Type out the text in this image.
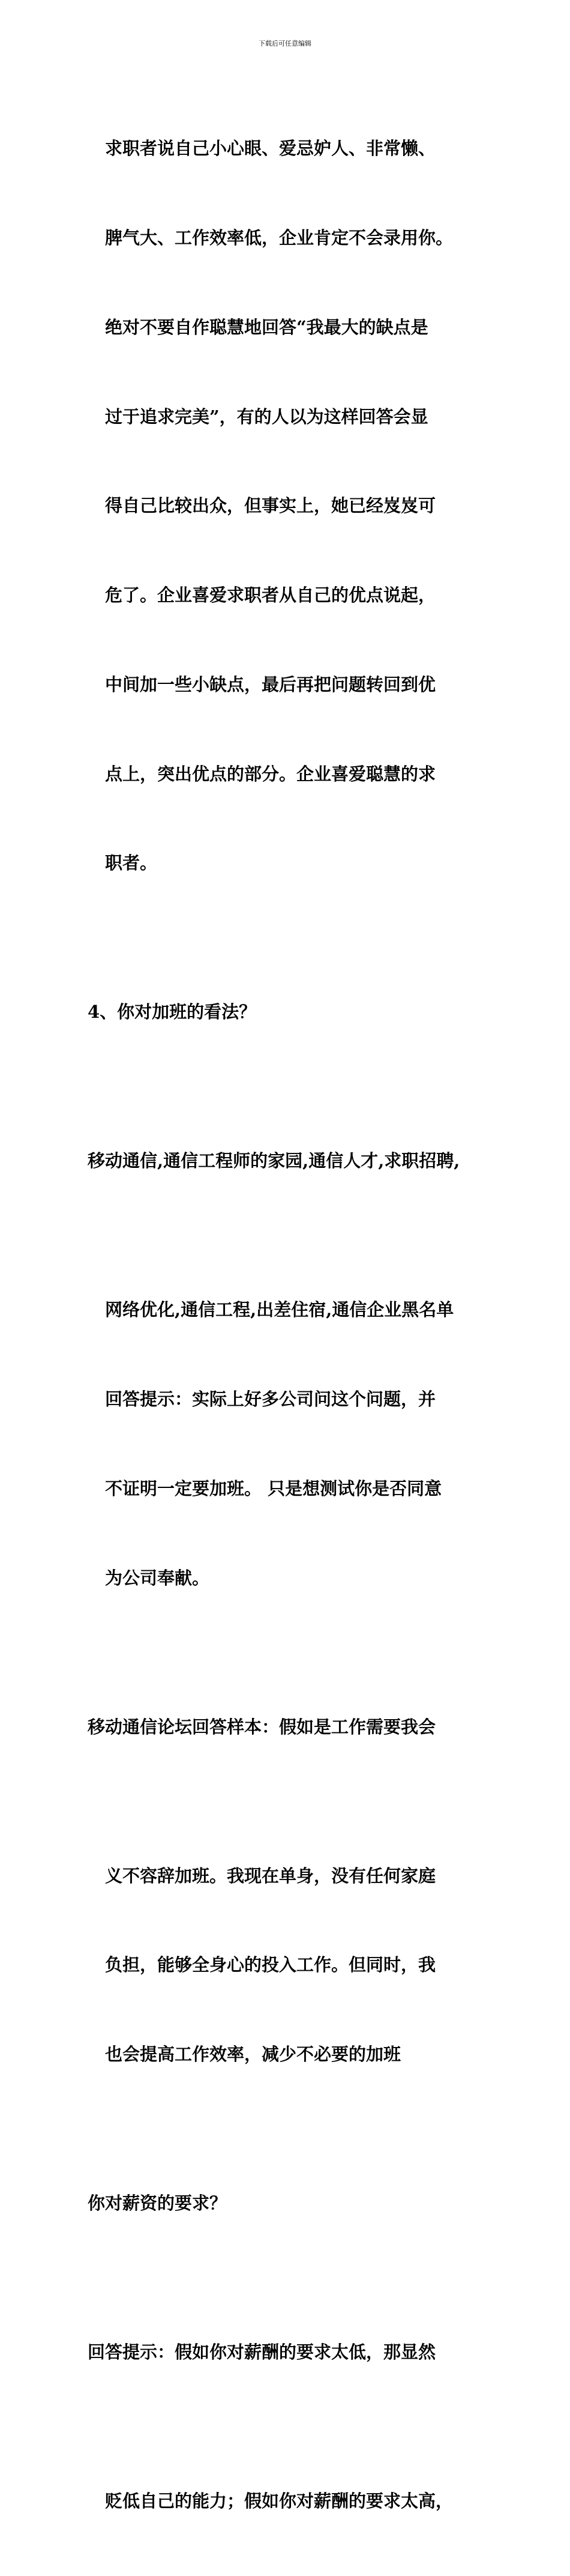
下载后可任意编辑

求职者说自己小心眼、爱忌妒人、非常懒、

脾气大、工作效率低，企业肯定不会录用你。

绝对不要自作聪慧地回答“我最大的缺点是

过于追求完美”，有的人以为这样回答会显

得自己比较出众，但事实上，她已经岌岌可

危了。企业喜爱求职者从自己的优点说起，

中间加一些小缺点，最后再把问题转回到优

点上，突出优点的部分。企业喜爱聪慧的求

职者。

4、你对加班的看法？

移动通信,通信工程师的家园,通信人才,求职招聘,

网络优化,通信工程,出差住宿,通信企业黑名单

回答提示：实际上好多公司问这个问题，并

不证明一定要加班。 只是想测试你是否同意

为公司奉献。

移动通信论坛回答样本：假如是工作需要我会

义不容辞加班。我现在单身，没有任何家庭

负担，能够全身心的投入工作。但同时，我

也会提高工作效率，减少不必要的加班

你对薪资的要求？

回答提示：假如你对薪酬的要求太低，那显然

贬低自己的能力；假如你对薪酬的要求太高，
